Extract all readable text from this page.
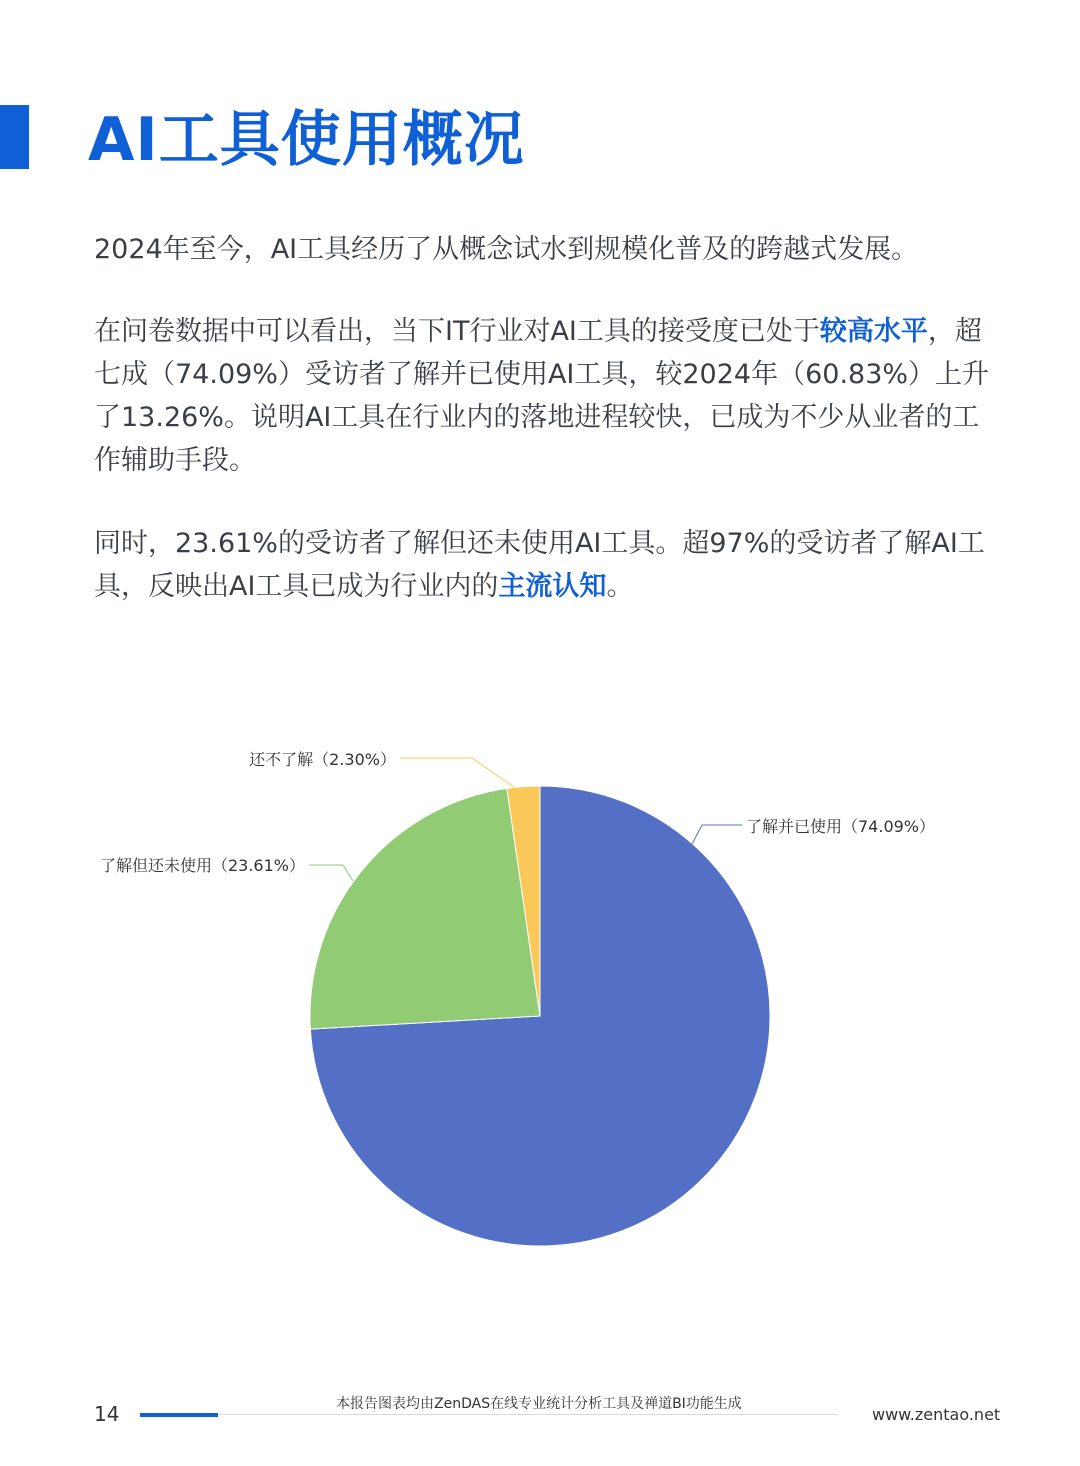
AI工具使用概况
2024年至今，AI工具经历了从概念试水到规模化普及的跨越式发展。
在问卷数据中可以看出，当下IT行业对AI工具的接受度已处于较高水平，超七成（74.09%）受访者了解并已使用AI工具，较2024年（60.83%）上升了13.26%。说明AI工具在行业内的落地进程较快，已成为不少从业者的工作辅助手段。
同时，23.61%的受访者了解但还未使用AI工具。超97%的受访者了解AI工具，反映出AI工具已成为行业内的主流认知。
了解并已使用（74.09%）
了解但还未使用（23.61%）
还不了解（2.30%）
14	本报告图表均由ZenDAS在线专业统计分析工具及禅道BI功能生成
www.zentao.net
